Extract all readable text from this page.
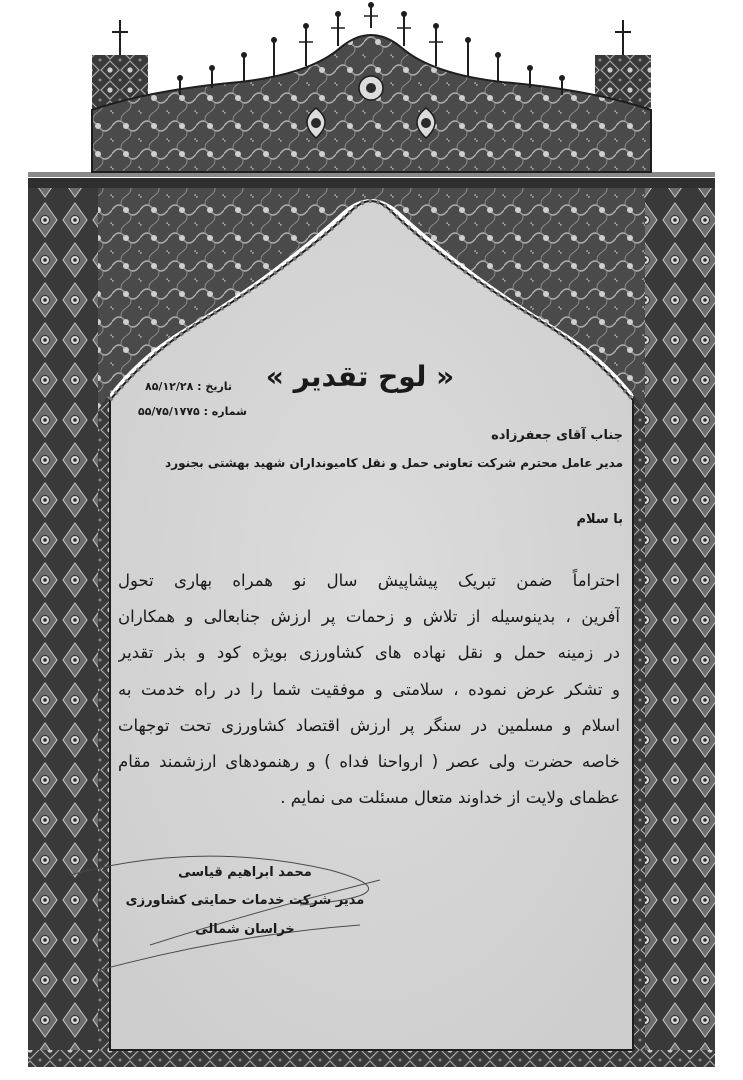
« لوح تقدیر »
تاریخ : ۸۵/۱۲/۲۸
شماره : ۵۵/۷۵/۱۷۷۵
جناب آقای جعفرزاده
مدیر عامل محترم شرکت تعاونی حمل و نقل کامیونداران شهید بهشتی بجنورد
با سلام
احتراماً ضمن تبریک پیشاپیش سال نو همراه بهاری تحول
آفرین ، بدینوسیله از تلاش و زحمات پر ارزش جنابعالی و همکاران
در زمینه حمل و نقل نهاده های کشاورزی بویژه کود و بذر تقدیر
و تشکر عرض نموده ، سلامتی و موفقیت شما را در راه خدمت به
اسلام و مسلمین در سنگر پر ارزش اقتصاد کشاورزی تحت توجهات
خاصه حضرت ولی عصر ( ارواحنا فداه ) و رهنمودهای ارزشمند مقام
عظمای ولایت از خداوند متعال مسئلت می نمایم .
محمد ابراهیم قیاسی
مدیر شرکت خدمات حمایتی کشاورزی
خراسان شمالی
